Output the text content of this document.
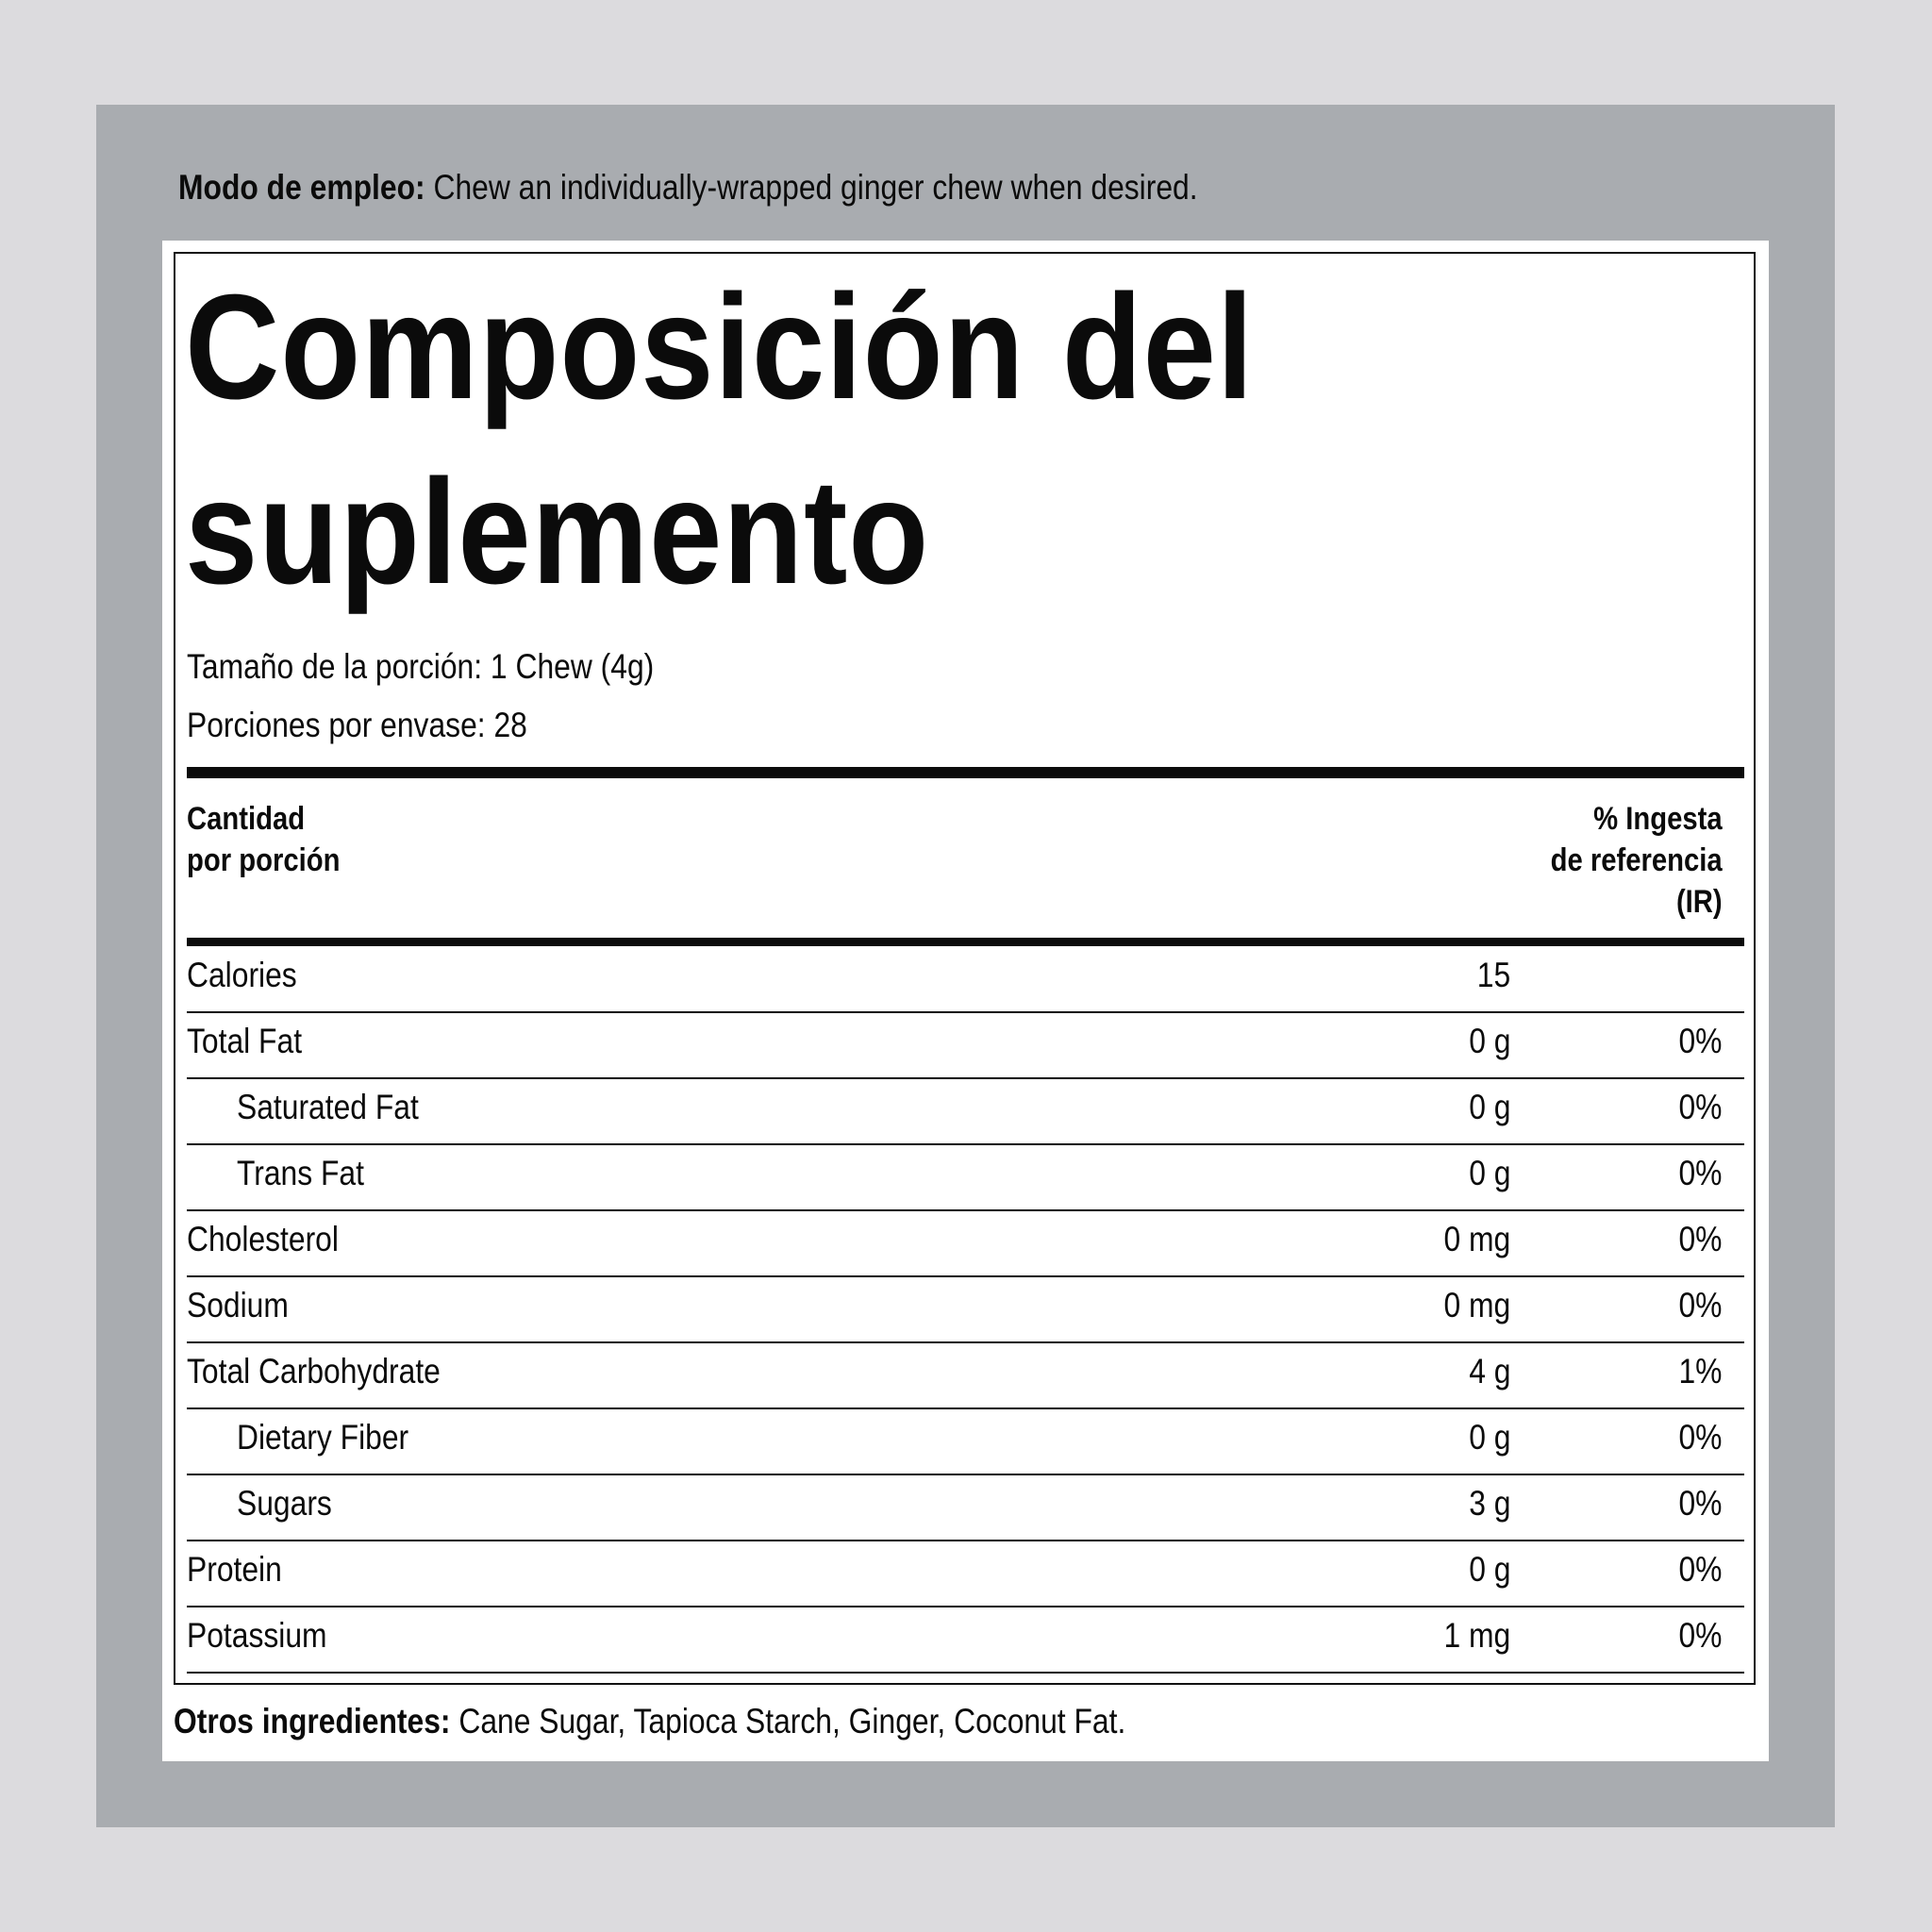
Modo de empleo: Chew an individually-wrapped ginger chew when desired.
Composición del
suplemento
Tamaño de la porción: 1 Chew (4g)
Porciones por envase: 28
Cantidad
por porción
% Ingesta
de referencia
(IR)
Calories	15
Total Fat	0 g	0%
Saturated Fat	0 g	0%
Trans Fat	0 g	0%
Cholesterol	0 mg	0%
Sodium	0 mg	0%
Total Carbohydrate	4 g	1%
Dietary Fiber	0 g	0%
Sugars	3 g	0%
Protein	0 g	0%
Potassium	1 mg	0%
Otros ingredientes: Cane Sugar, Tapioca Starch, Ginger, Coconut Fat.
